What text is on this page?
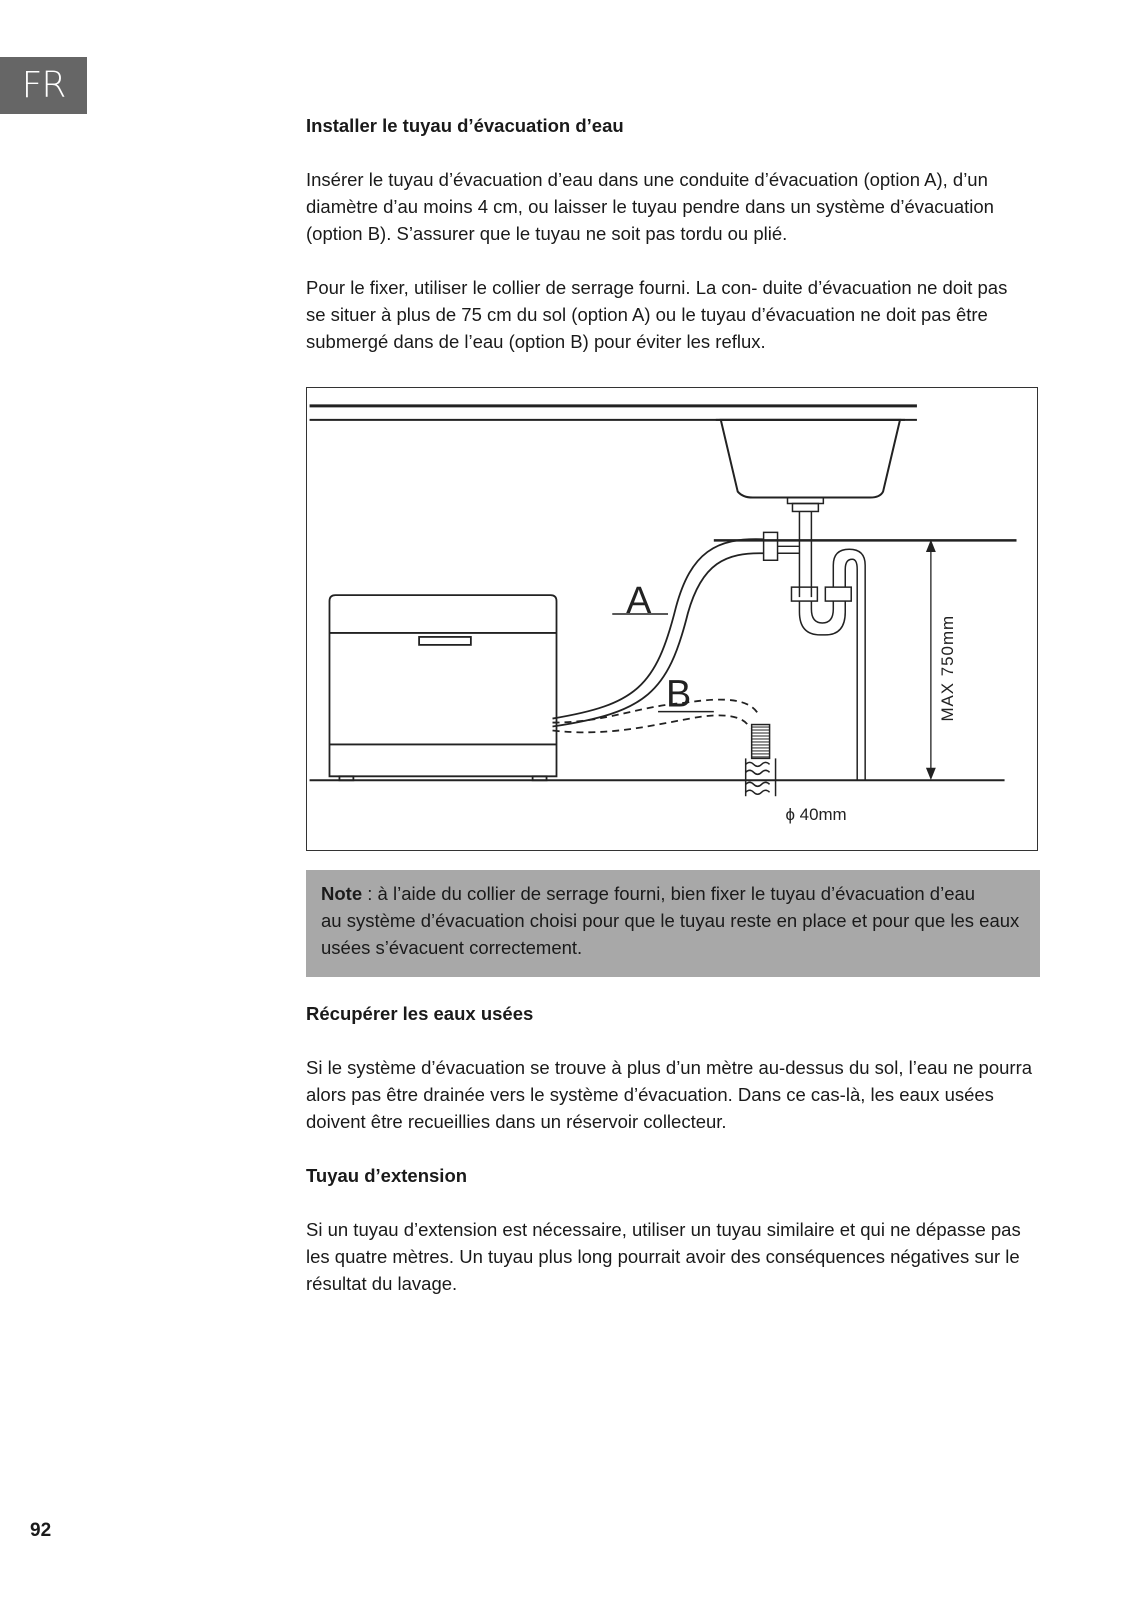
FR
Installer le tuyau d’évacuation d’eau

Insérer le tuyau d’évacuation d’eau dans une conduite d’évacuation (option A), d’un
diamètre d’au moins 4 cm, ou laisser le tuyau pendre dans un système d’évacuation
(option B). S’assurer que le tuyau ne soit pas tordu ou plié.

Pour le fixer, utiliser le collier de serrage fourni. La con- duite d’évacuation ne doit pas
se situer à plus de 75 cm du sol (option A) ou le tuyau d’évacuation ne doit pas être
submergé dans de l’eau (option B) pour éviter les reflux.

A
B	MAX 750mm
ϕ 40mm
Note : à l’aide du collier de serrage fourni, bien fixer le tuyau d’évacuation d’eau
au système d’évacuation choisi pour que le tuyau reste en place et pour que les eaux
usées s’évacuent correctement.
Récupérer les eaux usées

Si le système d’évacuation se trouve à plus d’un mètre au-dessus du sol, l’eau ne pourra
alors pas être drainée vers le système d’évacuation. Dans ce cas-là, les eaux usées
doivent être recueillies dans un réservoir collecteur.

Tuyau d’extension

Si un tuyau d’extension est nécessaire, utiliser un tuyau similaire et qui ne dépasse pas
les quatre mètres. Un tuyau plus long pourrait avoir des conséquences négatives sur le
résultat du lavage.

92
